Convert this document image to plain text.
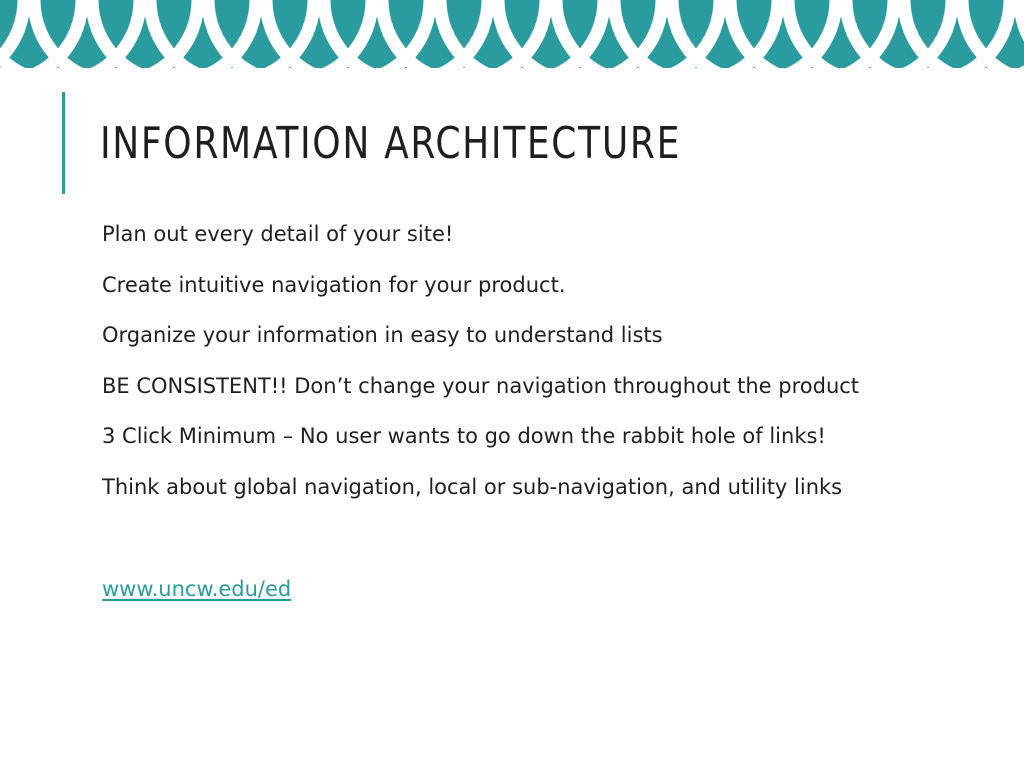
INFORMATION ARCHITECTURE
Plan out every detail of your site!
Create intuitive navigation for your product.
Organize your information in easy to understand lists
BE CONSISTENT!! Don’t change your navigation throughout the product
3 Click Minimum – No user wants to go down the rabbit hole of links!
Think about global navigation, local or sub-navigation, and utility links
www.uncw.edu/ed
